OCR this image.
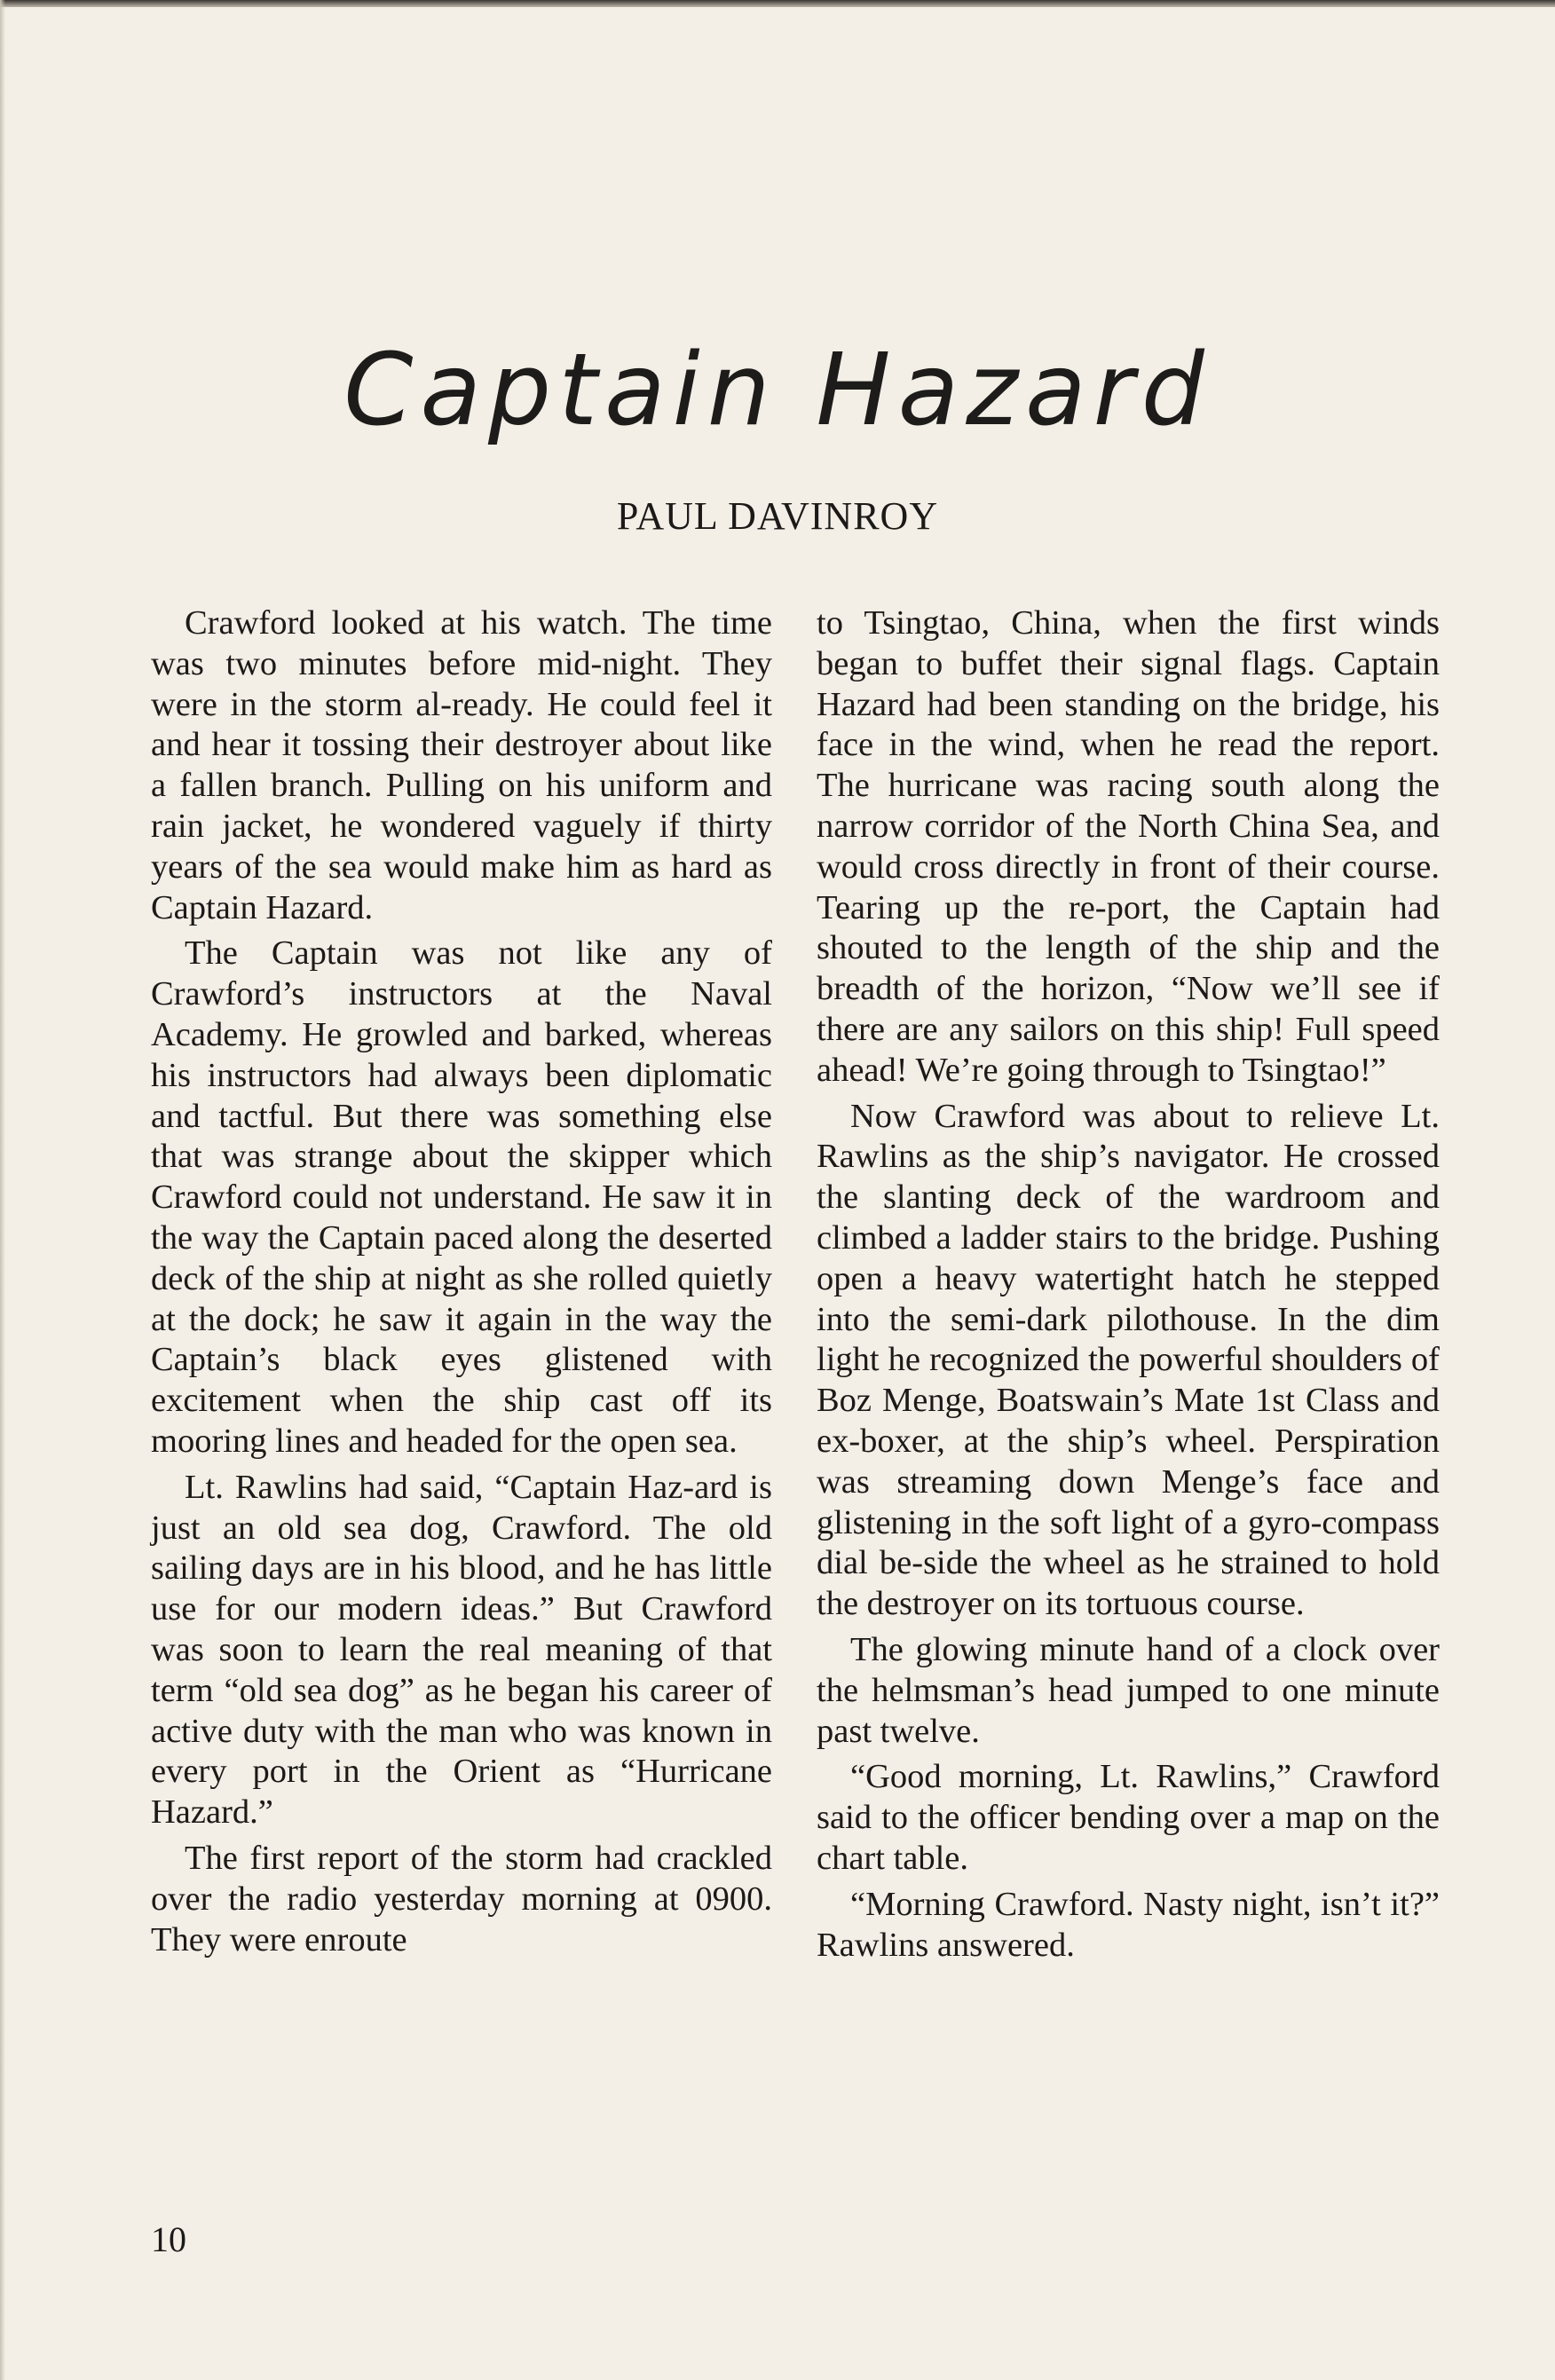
Captain Hazard
PAUL DAVINROY

Crawford looked at his watch. The time was two minutes before mid-night. They were in the storm al-ready. He could feel it and hear it tossing their destroyer about like a fallen branch. Pulling on his uniform and rain jacket, he wondered vaguely if thirty years of the sea would make him as hard as Captain Hazard.

The Captain was not like any of Crawford’s instructors at the Naval Academy. He growled and barked, whereas his instructors had always been diplomatic and tactful. But there was something else that was strange about the skipper which Crawford could not understand. He saw it in the way the Captain paced along the deserted deck of the ship at night as she rolled quietly at the dock; he saw it again in the way the Captain’s black eyes glistened with excitement when the ship cast off its mooring lines and headed for the open sea.

Lt. Rawlins had said, “Captain Haz-ard is just an old sea dog, Crawford. The old sailing days are in his blood, and he has little use for our modern ideas.” But Crawford was soon to learn the real meaning of that term “old sea dog” as he began his career of active duty with the man who was known in every port in the Orient as “Hurricane Hazard.”

The first report of the storm had crackled over the radio yesterday morning at 0900. They were enroute

to Tsingtao, China, when the first winds began to buffet their signal flags. Captain Hazard had been standing on the bridge, his face in the wind, when he read the report. The hurricane was racing south along the narrow corridor of the North China Sea, and would cross directly in front of their course. Tearing up the re-port, the Captain had shouted to the length of the ship and the breadth of the horizon, “Now we’ll see if there are any sailors on this ship! Full speed ahead! We’re going through to Tsingtao!”

Now Crawford was about to relieve Lt. Rawlins as the ship’s navigator. He crossed the slanting deck of the wardroom and climbed a ladder stairs to the bridge. Pushing open a heavy watertight hatch he stepped into the semi-dark pilothouse. In the dim light he recognized the powerful shoulders of Boz Menge, Boatswain’s Mate 1st Class and ex-boxer, at the ship’s wheel. Perspiration was streaming down Menge’s face and glistening in the soft light of a gyro-compass dial be-side the wheel as he strained to hold the destroyer on its tortuous course.

The glowing minute hand of a clock over the helmsman’s head jumped to one minute past twelve.

“Good morning, Lt. Rawlins,” Crawford said to the officer bending over a map on the chart table.

“Morning Crawford. Nasty night, isn’t it?” Rawlins answered.

10
